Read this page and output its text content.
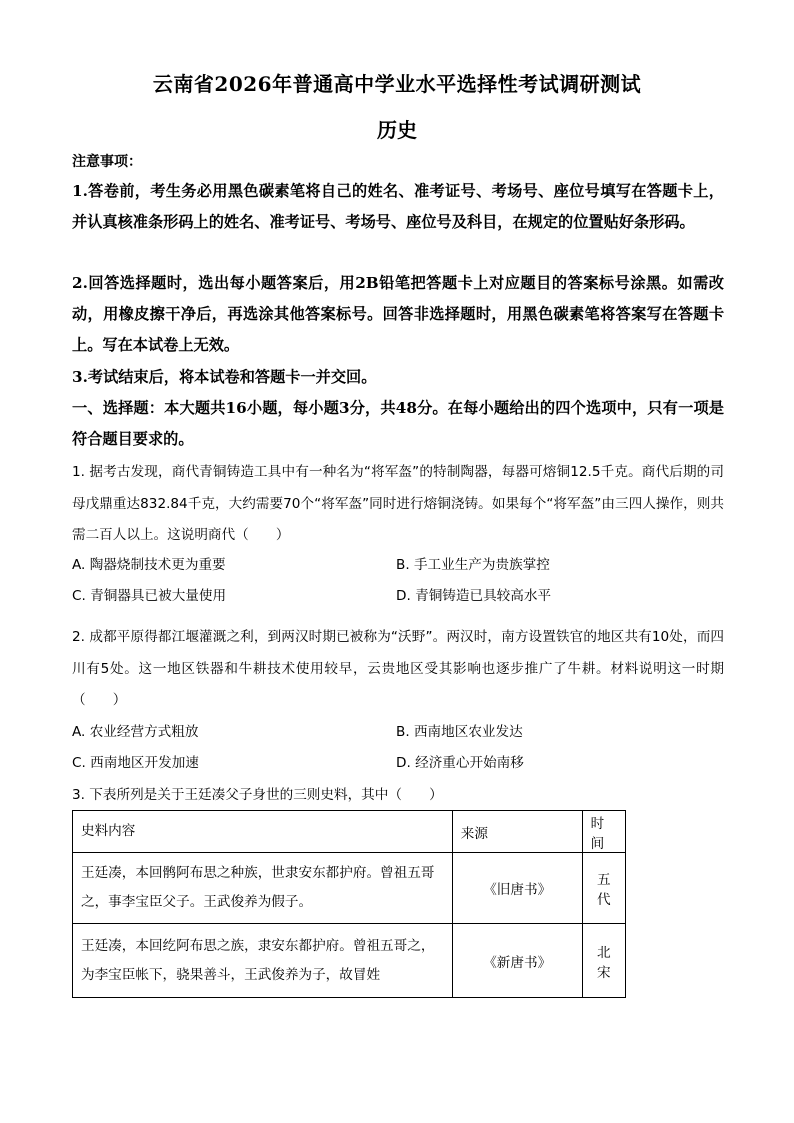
云南省2026年普通高中学业水平选择性考试调研测试
历史
注意事项：

1.答卷前，考生务必用黑色碳素笔将自己的姓名、准考证号、考场号、座位号填写在答题卡上，并认真核准条形码上的姓名、准考证号、考场号、座位号及科目，在规定的位置贴好条形码。

2.回答选择题时，选出每小题答案后，用2B铅笔把答题卡上对应题目的答案标号涂黑。如需改动，用橡皮擦干净后，再选涂其他答案标号。回答非选择题时，用黑色碳素笔将答案写在答题卡上。写在本试卷上无效。

3.考试结束后，将本试卷和答题卡一并交回。

一、选择题：本大题共16小题，每小题3分，共48分。在每小题给出的四个选项中，只有一项是符合题目要求的。

1. 据考古发现，商代青铜铸造工具中有一种名为“将军盔”的特制陶器，每器可熔铜12.5千克。商代后期的司母戊鼎重达832.84千克，大约需要70个“将军盔”同时进行熔铜浇铸。如果每个“将军盔”由三四人操作，则共需二百人以上。这说明商代（　　）

A. 陶器烧制技术更为重要	B. 手工业生产为贵族掌控
C. 青铜器具已被大量使用	D. 青铜铸造已具较高水平

2. 成都平原得都江堰灌溉之利，到两汉时期已被称为“沃野”。两汉时，南方设置铁官的地区共有10处，而四川有5处。这一地区铁器和牛耕技术使用较早，云贵地区受其影响也逐步推广了牛耕。材料说明这一时期（　　）

A. 农业经营方式粗放	B. 西南地区农业发达
C. 西南地区开发加速	D. 经济重心开始南移

3. 下表所列是关于王廷凑父子身世的三则史料，其中（　　）

史料内容	来源	时间
王廷凑，本回鹘阿布思之种族，世隶安东都护府。曾祖五哥之，事李宝臣父子。王武俊养为假子。	《旧唐书》	五代
王廷凑，本回纥阿布思之族，隶安东都护府。曾祖五哥之，为李宝臣帐下，骁果善斗，王武俊养为子，故冒姓	《新唐书》	北宋
